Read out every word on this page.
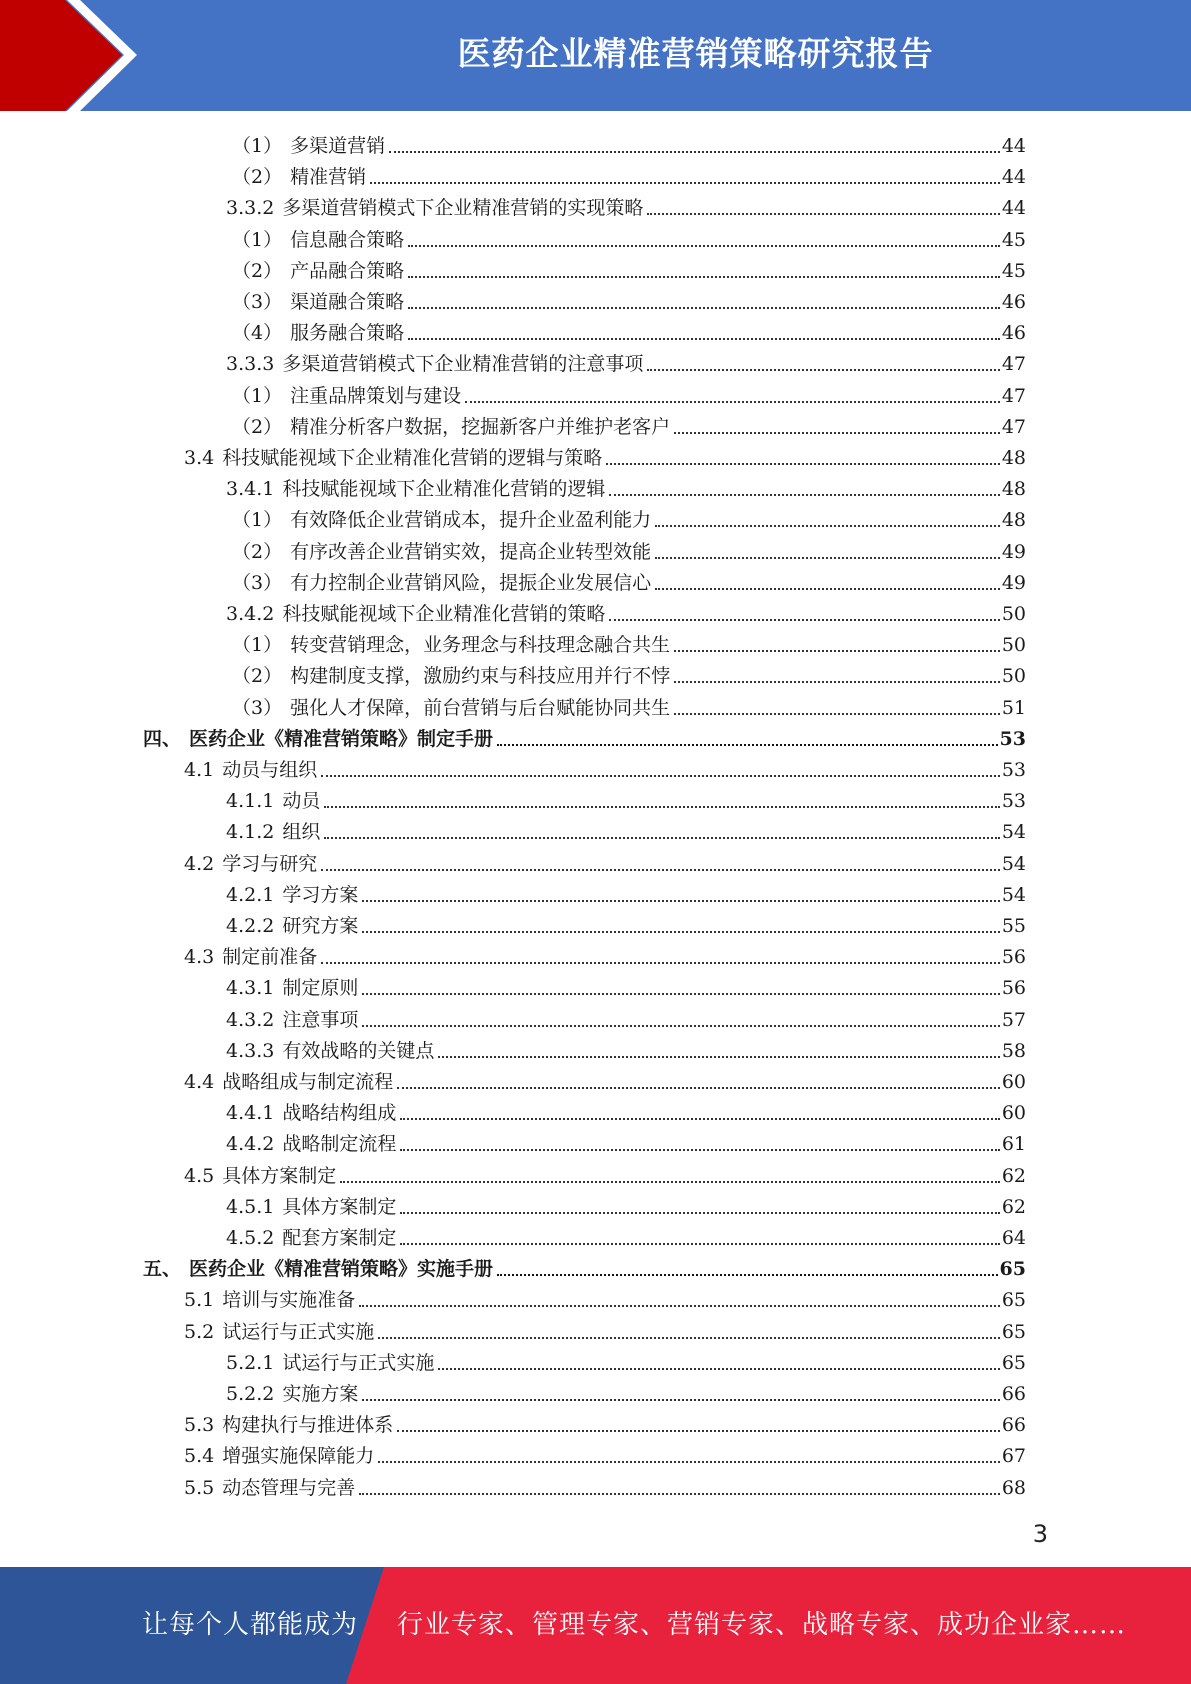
医药企业精准营销策略研究报告
（1） 多渠道营销	44
（2） 精准营销	44
3.3.2 多渠道营销模式下企业精准营销的实现策略	44
（1） 信息融合策略	45
（2） 产品融合策略	45
（3） 渠道融合策略	46
（4） 服务融合策略	46
3.3.3 多渠道营销模式下企业精准营销的注意事项	47
（1） 注重品牌策划与建设	47
（2） 精准分析客户数据，挖掘新客户并维护老客户	47
3.4 科技赋能视域下企业精准化营销的逻辑与策略	48
3.4.1 科技赋能视域下企业精准化营销的逻辑	48
（1） 有效降低企业营销成本，提升企业盈利能力	48
（2） 有序改善企业营销实效，提高企业转型效能	49
（3） 有力控制企业营销风险，提振企业发展信心	49
3.4.2 科技赋能视域下企业精准化营销的策略	50
（1） 转变营销理念，业务理念与科技理念融合共生	50
（2） 构建制度支撑，激励约束与科技应用并行不悖	50
（3） 强化人才保障，前台营销与后台赋能协同共生	51
四、 医药企业《精准营销策略》制定手册	53
4.1 动员与组织	53
4.1.1 动员	53
4.1.2 组织	54
4.2 学习与研究	54
4.2.1 学习方案	54
4.2.2 研究方案	55
4.3 制定前准备	56
4.3.1 制定原则	56
4.3.2 注意事项	57
4.3.3 有效战略的关键点	58
4.4 战略组成与制定流程	60
4.4.1 战略结构组成	60
4.4.2 战略制定流程	61
4.5 具体方案制定	62
4.5.1 具体方案制定	62
4.5.2 配套方案制定	64
五、 医药企业《精准营销策略》实施手册	65
5.1 培训与实施准备	65
5.2 试运行与正式实施	65
5.2.1 试运行与正式实施	65
5.2.2 实施方案	66
5.3 构建执行与推进体系	66
5.4 增强实施保障能力	67
5.5 动态管理与完善	68
3
让每个人都能成为 行业专家、管理专家、营销专家、战略专家、成功企业家……
